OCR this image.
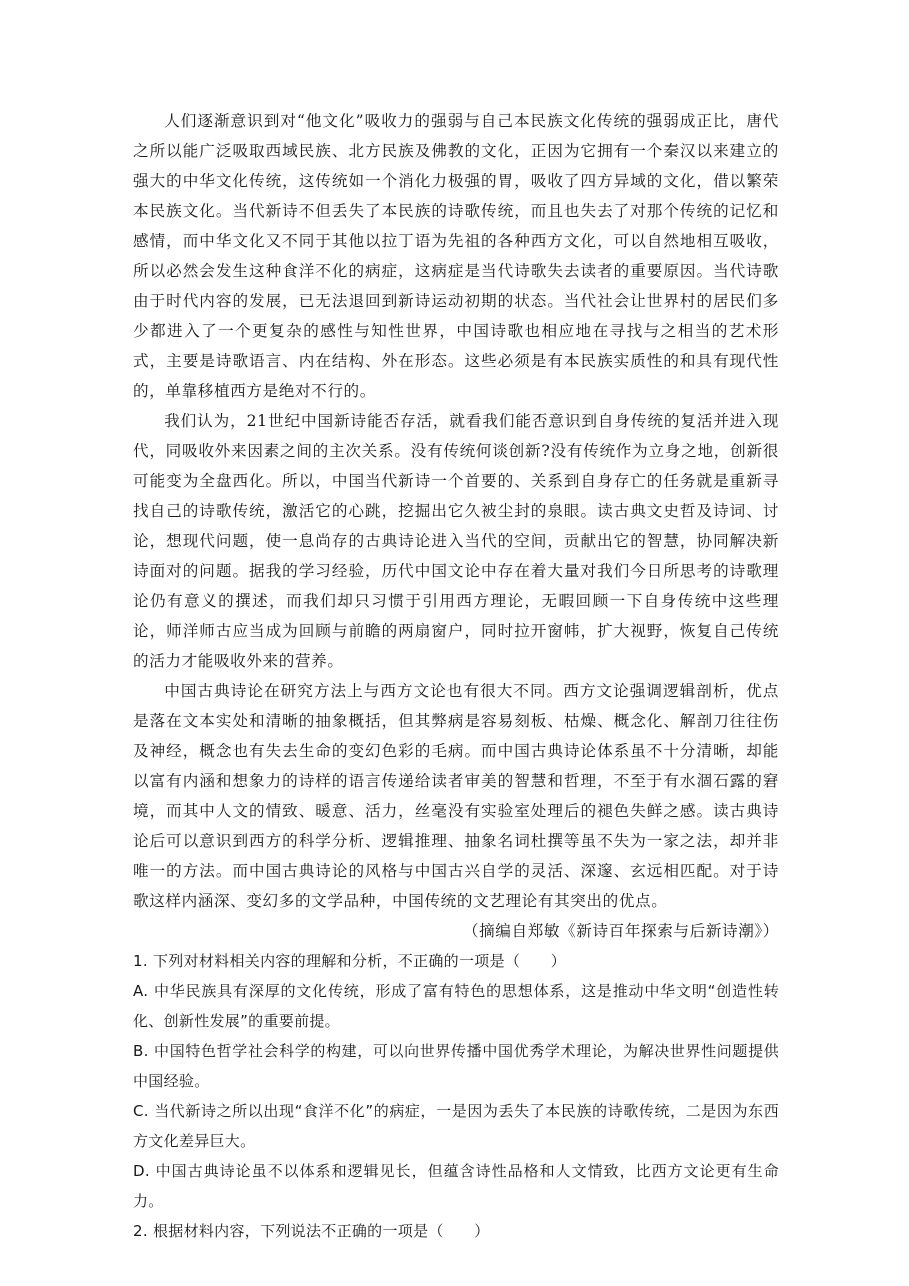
人们逐渐意识到对“他文化”吸收力的强弱与自己本民族文化传统的强弱成正比，唐代之所以能广泛吸取西域民族、北方民族及佛教的文化，正因为它拥有一个秦汉以来建立的强大的中华文化传统，这传统如一个消化力极强的胃，吸收了四方异域的文化，借以繁荣本民族文化。当代新诗不但丢失了本民族的诗歌传统，而且也失去了对那个传统的记忆和感情，而中华文化又不同于其他以拉丁语为先祖的各种西方文化，可以自然地相互吸收，所以必然会发生这种食洋不化的病症，这病症是当代诗歌失去读者的重要原因。当代诗歌由于时代内容的发展，已无法退回到新诗运动初期的状态。当代社会让世界村的居民们多少都进入了一个更复杂的感性与知性世界，中国诗歌也相应地在寻找与之相当的艺术形式，主要是诗歌语言、内在结构、外在形态。这些必须是有本民族实质性的和具有现代性的，单靠移植西方是绝对不行的。

我们认为，21世纪中国新诗能否存活，就看我们能否意识到自身传统的复活并进入现代，同吸收外来因素之间的主次关系。没有传统何谈创新?没有传统作为立身之地，创新很可能变为全盘西化。所以，中国当代新诗一个首要的、关系到自身存亡的任务就是重新寻找自己的诗歌传统，激活它的心跳，挖掘出它久被尘封的泉眼。读古典文史哲及诗词、讨论，想现代问题，使一息尚存的古典诗论进入当代的空间，贡献出它的智慧，协同解决新诗面对的问题。据我的学习经验，历代中国文论中存在着大量对我们今日所思考的诗歌理论仍有意义的撰述，而我们却只习惯于引用西方理论，无暇回顾一下自身传统中这些理论，师洋师古应当成为回顾与前瞻的两扇窗户，同时拉开窗帏，扩大视野，恢复自己传统的活力才能吸收外来的营养。

中国古典诗论在研究方法上与西方文论也有很大不同。西方文论强调逻辑剖析，优点是落在文本实处和清晰的抽象概括，但其弊病是容易刻板、枯燥、概念化、解剖刀往往伤及神经，概念也有失去生命的变幻色彩的毛病。而中国古典诗论体系虽不十分清晰，却能以富有内涵和想象力的诗样的语言传递给读者审美的智慧和哲理，不至于有水涸石露的窘境，而其中人文的情致、暖意、活力，丝毫没有实验室处理后的褪色失鲜之感。读古典诗论后可以意识到西方的科学分析、逻辑推理、抽象名词杜撰等虽不失为一家之法，却并非唯一的方法。而中国古典诗论的风格与中国古兴自学的灵活、深邃、玄远相匹配。对于诗歌这样内涵深、变幻多的文学品种，中国传统的文艺理论有其突出的优点。

（摘编自郑敏《新诗百年探索与后新诗潮》）

1. 下列对材料相关内容的理解和分析，不正确的一项是（　　）

A. 中华民族具有深厚的文化传统，形成了富有特色的思想体系，这是推动中华文明“创造性转化、创新性发展”的重要前提。

B. 中国特色哲学社会科学的构建，可以向世界传播中国优秀学术理论，为解决世界性问题提供中国经验。

C. 当代新诗之所以出现“食洋不化”的病症，一是因为丢失了本民族的诗歌传统，二是因为东西方文化差异巨大。

D. 中国古典诗论虽不以体系和逻辑见长，但蕴含诗性品格和人文情致，比西方文论更有生命力。

2. 根据材料内容，下列说法不正确的一项是（　　）
